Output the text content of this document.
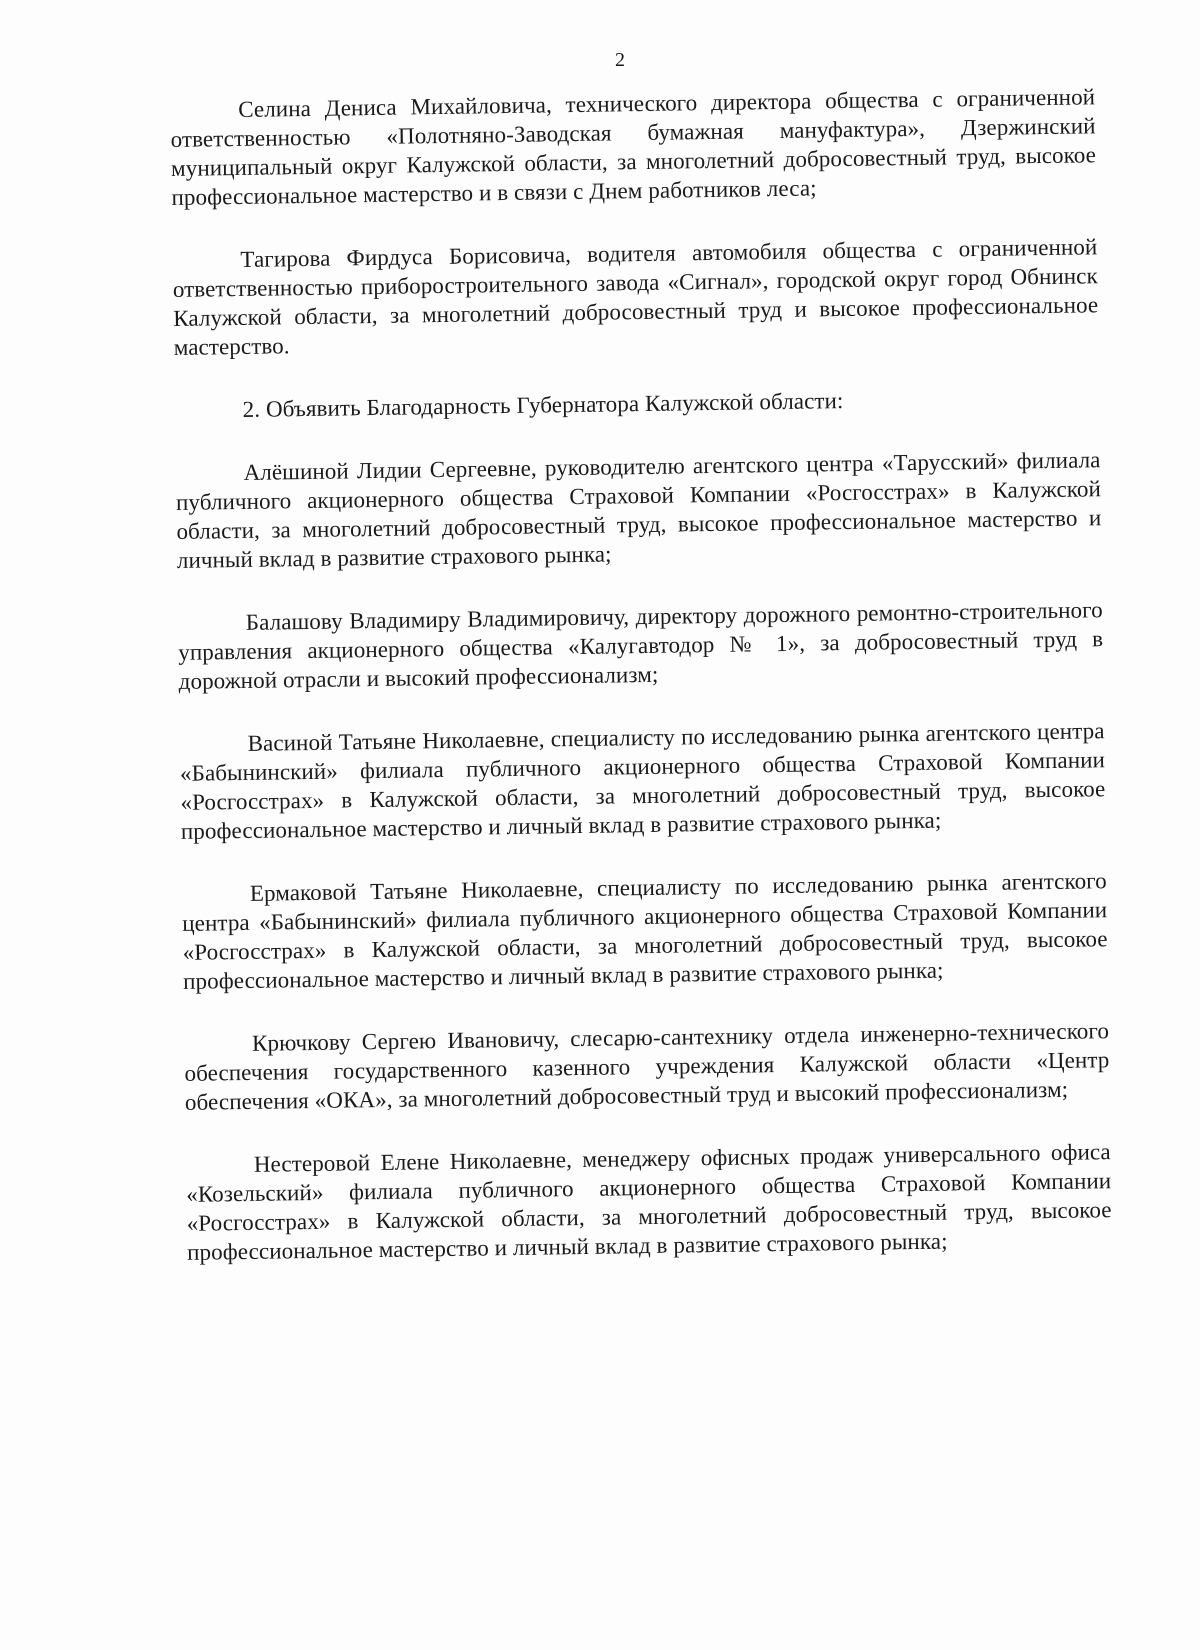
2

Селина Дениса Михайловича, технического директора общества с ограниченной ответственностью «Полотняно-Заводская бумажная мануфактура», Дзержинский муниципальный округ Калужской области, за многолетний добросовестный труд, высокое профессиональное мастерство и в связи с Днем работников леса;

Тагирова Фирдуса Борисовича, водителя автомобиля общества с ограниченной ответственностью приборостроительного завода «Сигнал», городской округ город Обнинск Калужской области, за многолетний добросовестный труд и высокое профессиональное мастерство.

2. Объявить Благодарность Губернатора Калужской области:

Алёшиной Лидии Сергеевне, руководителю агентского центра «Тарусский» филиала публичного акционерного общества Страховой Компании «Росгосстрах» в Калужской области, за многолетний добросовестный труд, высокое профессиональное мастерство и личный вклад в развитие страхового рынка;

Балашову Владимиру Владимировичу, директору дорожного ремонтно-строительного управления акционерного общества «Калугавтодор № 1», за добросовестный труд в дорожной отрасли и высокий профессионализм;

Васиной Татьяне Николаевне, специалисту по исследованию рынка агентского центра «Бабынинский» филиала публичного акционерного общества Страховой Компании «Росгосстрах» в Калужской области, за многолетний добросовестный труд, высокое профессиональное мастерство и личный вклад в развитие страхового рынка;

Ермаковой Татьяне Николаевне, специалисту по исследованию рынка агентского центра «Бабынинский» филиала публичного акционерного общества Страховой Компании «Росгосстрах» в Калужской области, за многолетний добросовестный труд, высокое профессиональное мастерство и личный вклад в развитие страхового рынка;

Крючкову Сергею Ивановичу, слесарю-сантехнику отдела инженерно-технического обеспечения государственного казенного учреждения Калужской области «Центр обеспечения «ОКА», за многолетний добросовестный труд и высокий профессионализм;

Нестеровой Елене Николаевне, менеджеру офисных продаж универсального офиса «Козельский» филиала публичного акционерного общества Страховой Компании «Росгосстрах» в Калужской области, за многолетний добросовестный труд, высокое профессиональное мастерство и личный вклад в развитие страхового рынка;
